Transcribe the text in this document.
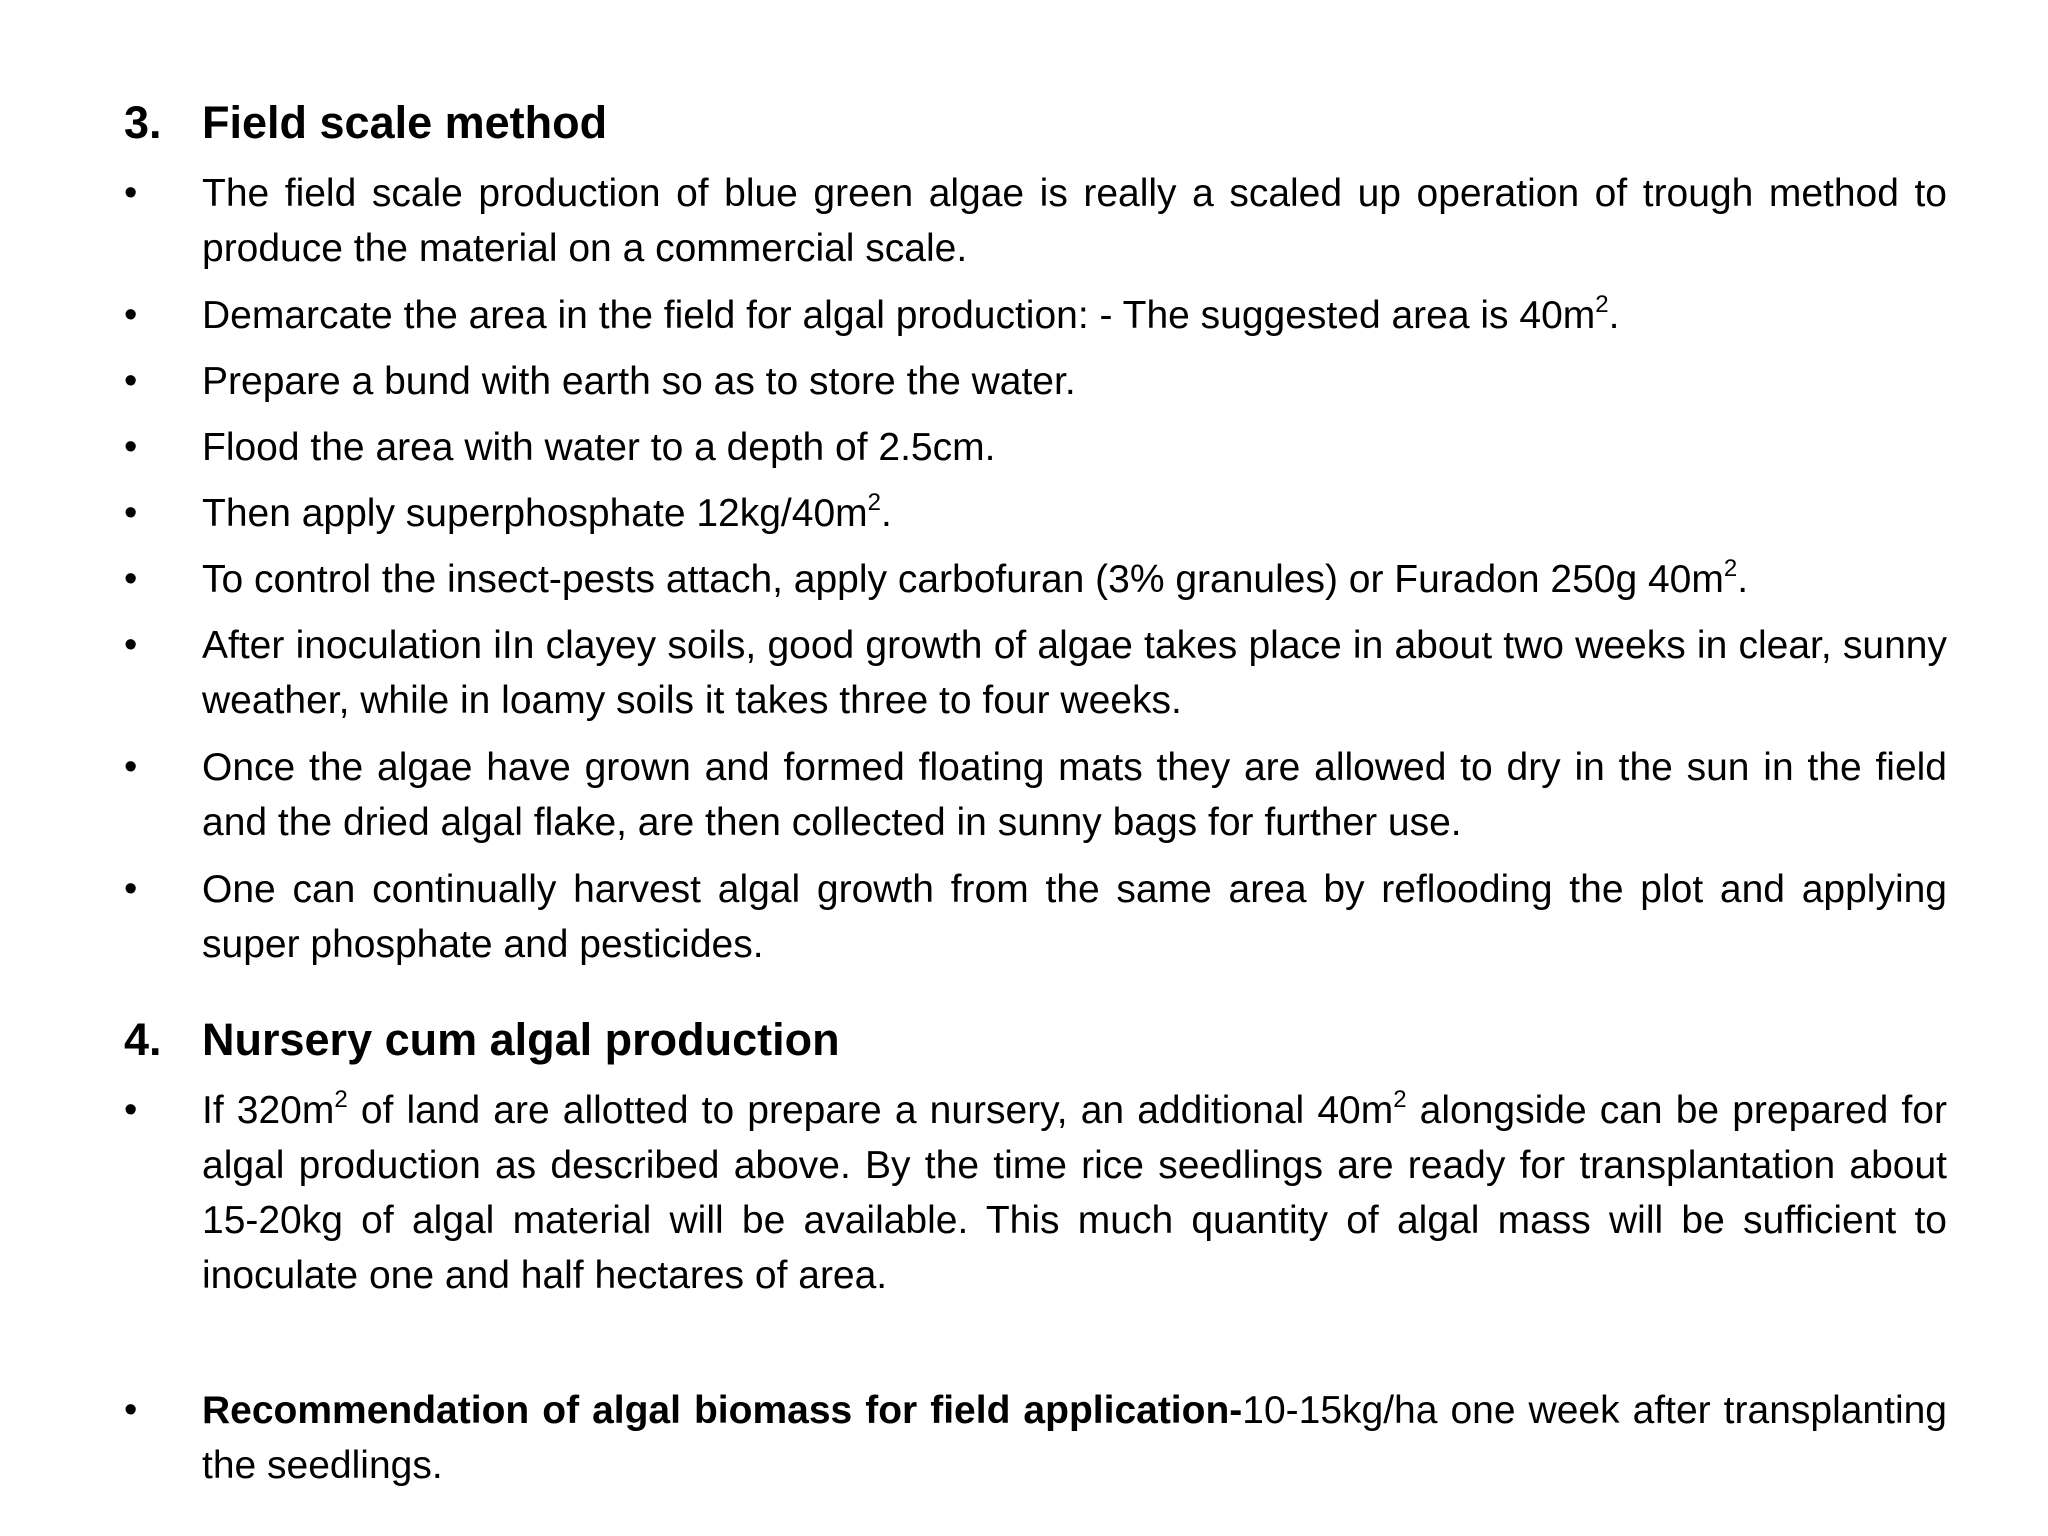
3. Field scale method
• The field scale production of blue green algae is really a scaled up operation of trough method to produce the material on a commercial scale.
• Demarcate the area in the field for algal production: - The suggested area is $40m^2$.
• Prepare a bund with earth so as to store the water.
• Flood the area with water to a depth of 2.5cm.
• Then apply superphosphate $12kg/40m^2$.
• To control the insect-pests attach, apply carbofuran (3% granules) or Furadon 250g $40m^2$.
• After inoculation iIn clayey soils, good growth of algae takes place in about two weeks in clear, sunny weather, while in loamy soils it takes three to four weeks.
• Once the algae have grown and formed floating mats they are allowed to dry in the sun in the field and the dried algal flake, are then collected in sunny bags for further use.
• One can continually harvest algal growth from the same area by reflooding the plot and applying super phosphate and pesticides.
4. Nursery cum algal production
• If $320m^2$ of land are allotted to prepare a nursery, an additional $40m^2$ alongside can be prepared for algal production as described above. By the time rice seedlings are ready for transplantation about 15-20kg of algal material will be available. This much quantity of algal mass will be sufficient to inoculate one and half hectares of area.
• Recommendation of algal biomass for field application-10-15kg/ha one week after transplanting the seedlings.
